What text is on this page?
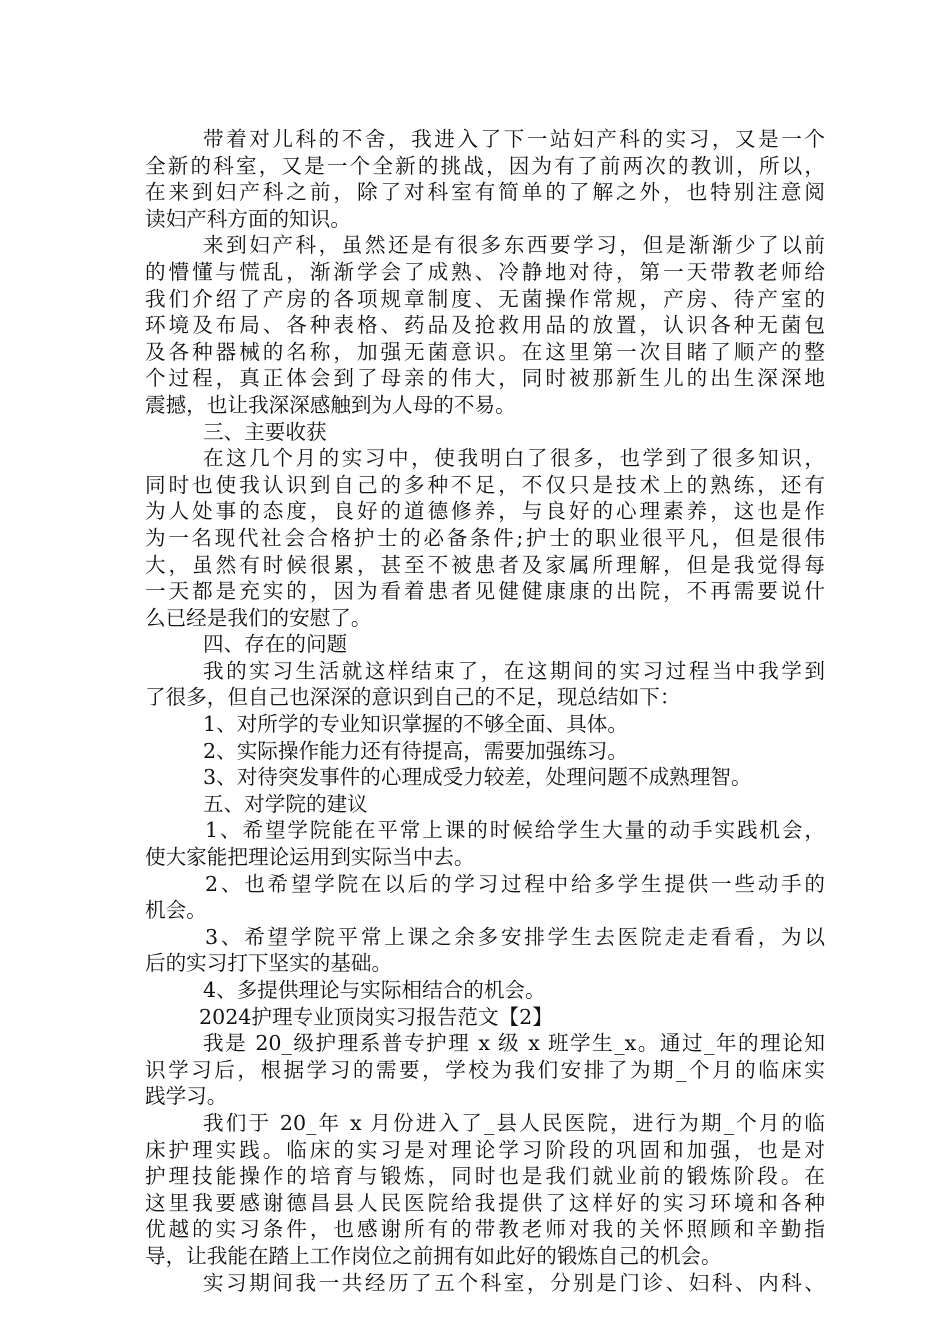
带着对儿科的不舍，我进入了下一站妇产科的实习，又是一个
全新的科室，又是一个全新的挑战，因为有了前两次的教训，所以，
在来到妇产科之前，除了对科室有简单的了解之外，也特别注意阅
读妇产科方面的知识。
来到妇产科，虽然还是有很多东西要学习，但是渐渐少了以前
的懵懂与慌乱，渐渐学会了成熟、冷静地对待，第一天带教老师给
我们介绍了产房的各项规章制度、无菌操作常规，产房、待产室的
环境及布局、各种表格、药品及抢救用品的放置，认识各种无菌包
及各种器械的名称，加强无菌意识。在这里第一次目睹了顺产的整
个过程，真正体会到了母亲的伟大，同时被那新生儿的出生深深地
震撼，也让我深深感触到为人母的不易。
三、主要收获
在这几个月的实习中，使我明白了很多，也学到了很多知识，
同时也使我认识到自己的多种不足，不仅只是技术上的熟练，还有
为人处事的态度，良好的道德修养，与良好的心理素养，这也是作
为一名现代社会合格护士的必备条件;护士的职业很平凡，但是很伟
大，虽然有时候很累，甚至不被患者及家属所理解，但是我觉得每
一天都是充实的，因为看着患者见健健康康的出院，不再需要说什
么已经是我们的安慰了。
四、存在的问题
我的实习生活就这样结束了，在这期间的实习过程当中我学到
了很多，但自己也深深的意识到自己的不足，现总结如下：
1、对所学的专业知识掌握的不够全面、具体。
2、实际操作能力还有待提高，需要加强练习。
3、对待突发事件的心理成受力较差，处理问题不成熟理智。
五、对学院的建议
1、希望学院能在平常上课的时候给学生大量的动手实践机会，
使大家能把理论运用到实际当中去。
2、也希望学院在以后的学习过程中给多学生提供一些动手的
机会。
3、希望学院平常上课之余多安排学生去医院走走看看，为以
后的实习打下坚实的基础。
4、多提供理论与实际相结合的机会。
2024护理专业顶岗实习报告范文【2】
我是 20_级护理系普专护理 x 级 x 班学生_x。通过_年的理论知
识学习后，根据学习的需要，学校为我们安排了为期_个月的临床实
践学习。
我们于 20_年 x 月份进入了_县人民医院，进行为期_个月的临
床护理实践。临床的实习是对理论学习阶段的巩固和加强，也是对
护理技能操作的培育与锻炼，同时也是我们就业前的锻炼阶段。在
这里我要感谢德昌县人民医院给我提供了这样好的实习环境和各种
优越的实习条件，也感谢所有的带教老师对我的关怀照顾和辛勤指
导，让我能在踏上工作岗位之前拥有如此好的锻炼自己的机会。
实习期间我一共经历了五个科室，分别是门诊、妇科、内科、
